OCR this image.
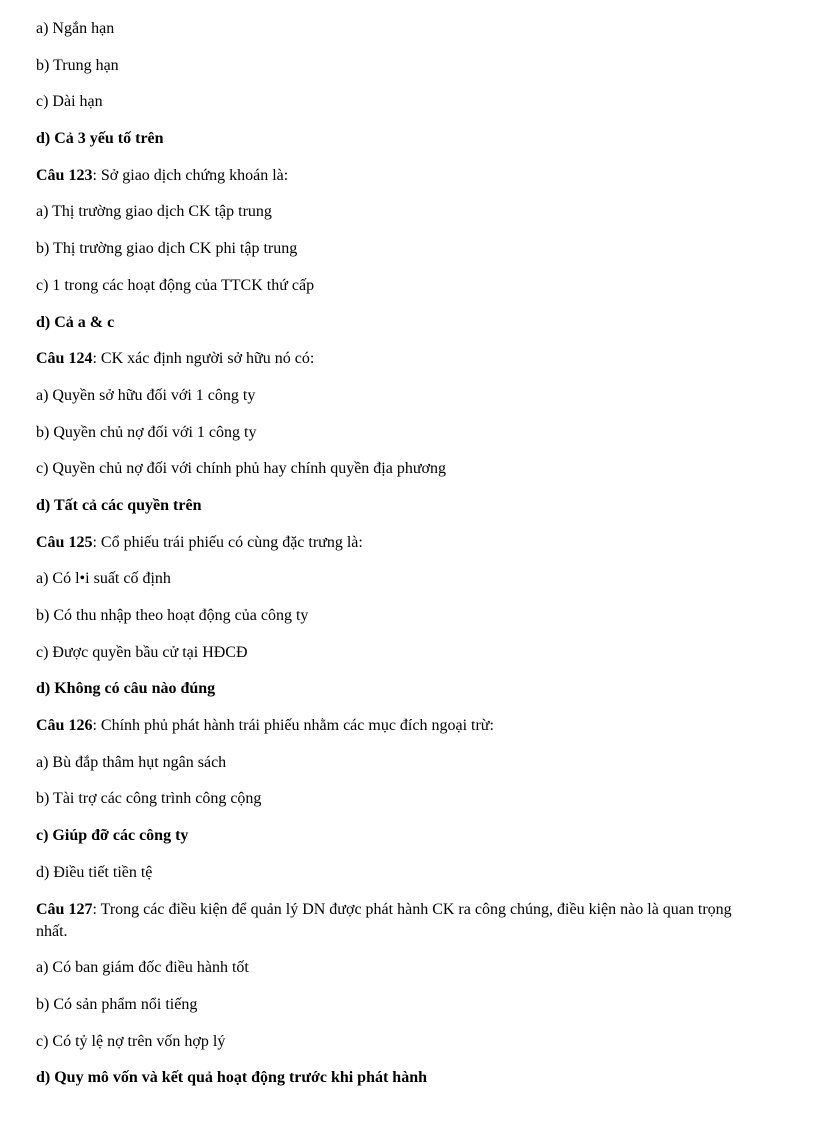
a) Ngắn hạn

b) Trung hạn

c) Dài hạn

d) Cả 3 yếu tố trên

Câu 123: Sở giao dịch chứng khoán là:

a) Thị trường giao dịch CK tập trung

b) Thị trường giao dịch CK phi tập trung

c) 1 trong các hoạt động của TTCK thứ cấp

d) Cả a & c

Câu 124: CK xác định người sở hữu nó có:

a) Quyền sở hữu đối với 1 công ty

b) Quyền chủ nợ đối với 1 công ty

c) Quyền chủ nợ đối với chính phủ hay chính quyền địa phương

d) Tất cả các quyền trên

Câu 125: Cổ phiếu trái phiếu có cùng đặc trưng là:

a) Có l•i suất cố định

b) Có thu nhập theo hoạt động của công ty

c) Được quyền bầu cử tại HĐCĐ

d) Không có câu nào đúng

Câu 126: Chính phủ phát hành trái phiếu nhằm các mục đích ngoại trừ:

a) Bù đắp thâm hụt ngân sách

b) Tài trợ các công trình công cộng

c) Giúp đỡ các công ty

d) Điều tiết tiền tệ

Câu 127: Trong các điều kiện để quản lý DN được phát hành CK ra công chúng, điều kiện nào là quan trọng nhất.

a) Có ban giám đốc điều hành tốt

b) Có sản phẩm nổi tiếng

c) Có tỷ lệ nợ trên vốn hợp lý

d) Quy mô vốn và kết quả hoạt động trước khi phát hành
